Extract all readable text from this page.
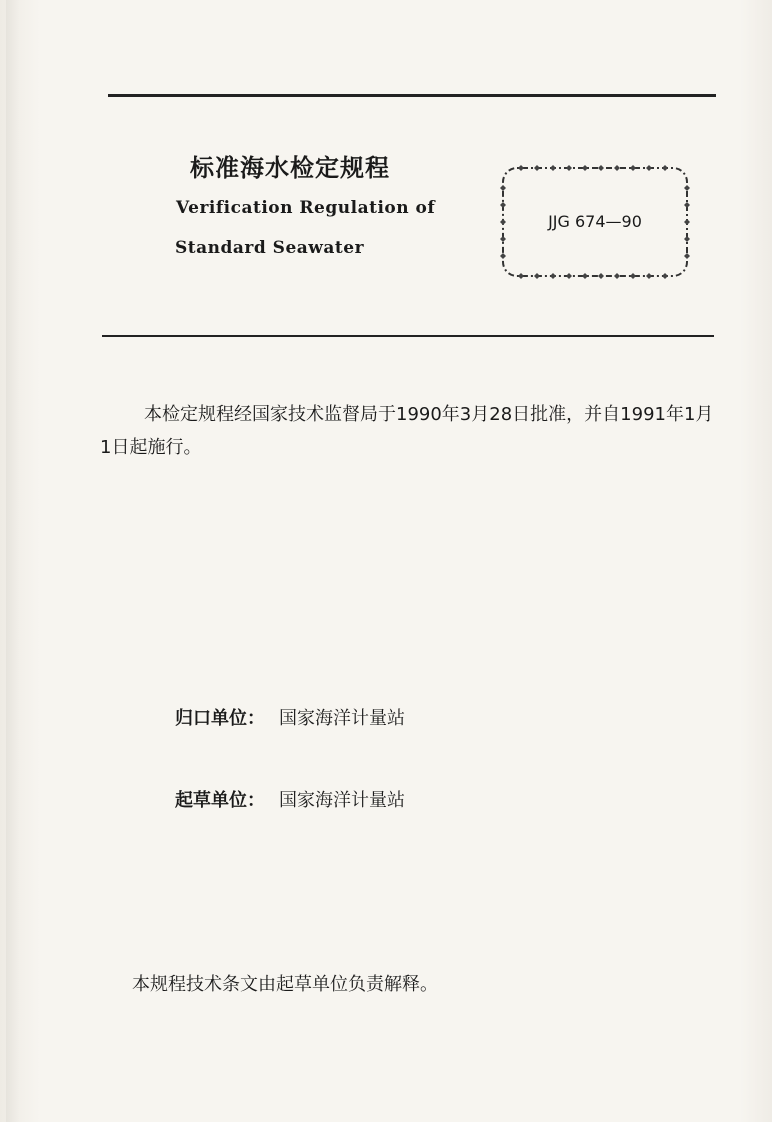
标准海水检定规程
Verification Regulation of
Standard Seawater
JJG 674—90
本检定规程经国家技术监督局于1990年3月28日批准，并自1991年1月1日起施行。
归口单位： 国家海洋计量站
起草单位： 国家海洋计量站
本规程技术条文由起草单位负责解释。
